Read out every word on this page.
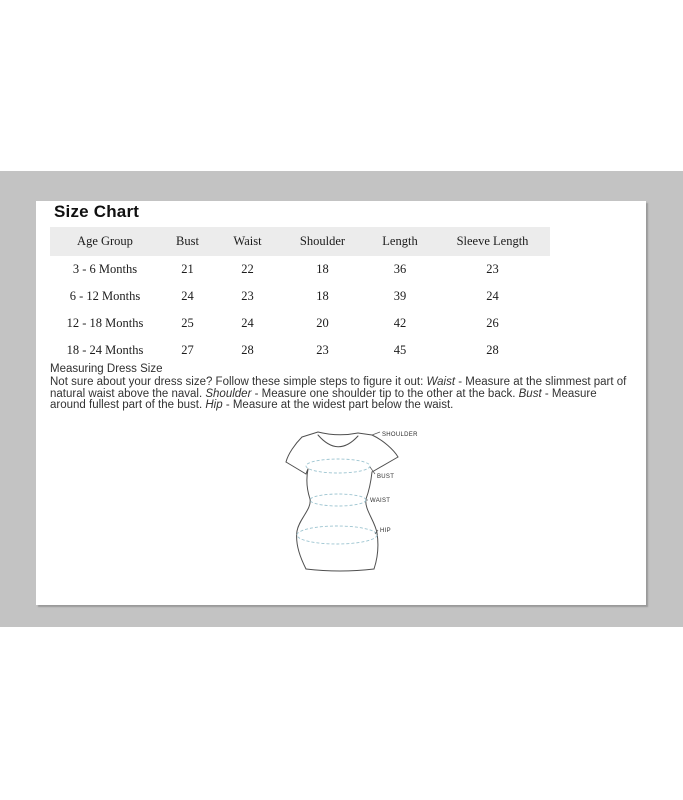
Size Chart
Age Group	Bust	Waist	Shoulder	Length	Sleeve Length
3 - 6 Months	21	22	18	36	23
6 - 12 Months	24	23	18	39	24
12 - 18 Months	25	24	20	42	26
18 - 24 Months	27	28	23	45	28
Measuring Dress Size
Not sure about your dress size? Follow these simple steps to figure it out: Waist - Measure at the slimmest part of natural waist above the naval. Shoulder - Measure one shoulder tip to the other at the back. Bust - Measure around fullest part of the bust. Hip - Measure at the widest part below the waist.
SHOULDER
BUST
WAIST
HIP
